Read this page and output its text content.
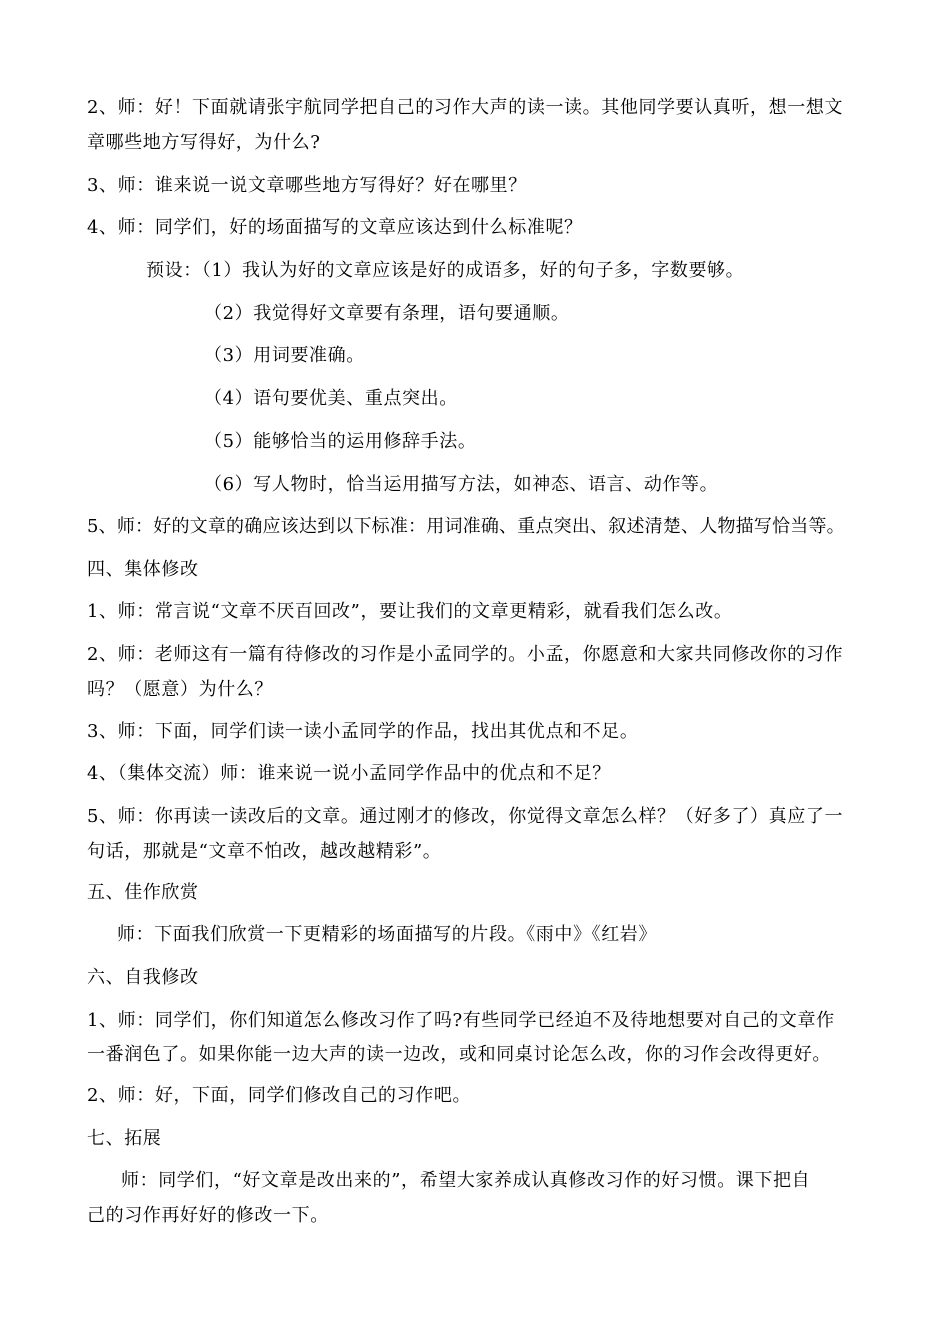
2、师：好！下面就请张宇航同学把自己的习作大声的读一读。其他同学要认真听，想一想文
章哪些地方写得好，为什么?
3、师：谁来说一说文章哪些地方写得好？好在哪里？
4、师：同学们，好的场面描写的文章应该达到什么标准呢？
预设：（1）我认为好的文章应该是好的成语多，好的句子多，字数要够。
（2）我觉得好文章要有条理，语句要通顺。
（3）用词要准确。
（4）语句要优美、重点突出。
（5）能够恰当的运用修辞手法。
（6）写人物时，恰当运用描写方法，如神态、语言、动作等。
5、师：好的文章的确应该达到以下标准：用词准确、重点突出、叙述清楚、人物描写恰当等。
四、集体修改
1、师：常言说“文章不厌百回改”，要让我们的文章更精彩，就看我们怎么改。
2、师：老师这有一篇有待修改的习作是小孟同学的。小孟，你愿意和大家共同修改你的习作
吗？（愿意）为什么？
3、师：下面，同学们读一读小孟同学的作品，找出其优点和不足。
4、（集体交流）师：谁来说一说小孟同学作品中的优点和不足？
5、师：你再读一读改后的文章。通过刚才的修改，你觉得文章怎么样？（好多了）真应了一
句话，那就是“文章不怕改，越改越精彩”。
五、佳作欣赏
师：下面我们欣赏一下更精彩的场面描写的片段。《雨中》《红岩》
六、自我修改
1、师：同学们，你们知道怎么修改习作了吗?有些同学已经迫不及待地想要对自己的文章作
一番润色了。如果你能一边大声的读一边改，或和同桌讨论怎么改，你的习作会改得更好。
2、师：好，下面，同学们修改自己的习作吧。
七、拓展
师：同学们，“好文章是改出来的”，希望大家养成认真修改习作的好习惯。课下把自
己的习作再好好的修改一下。
